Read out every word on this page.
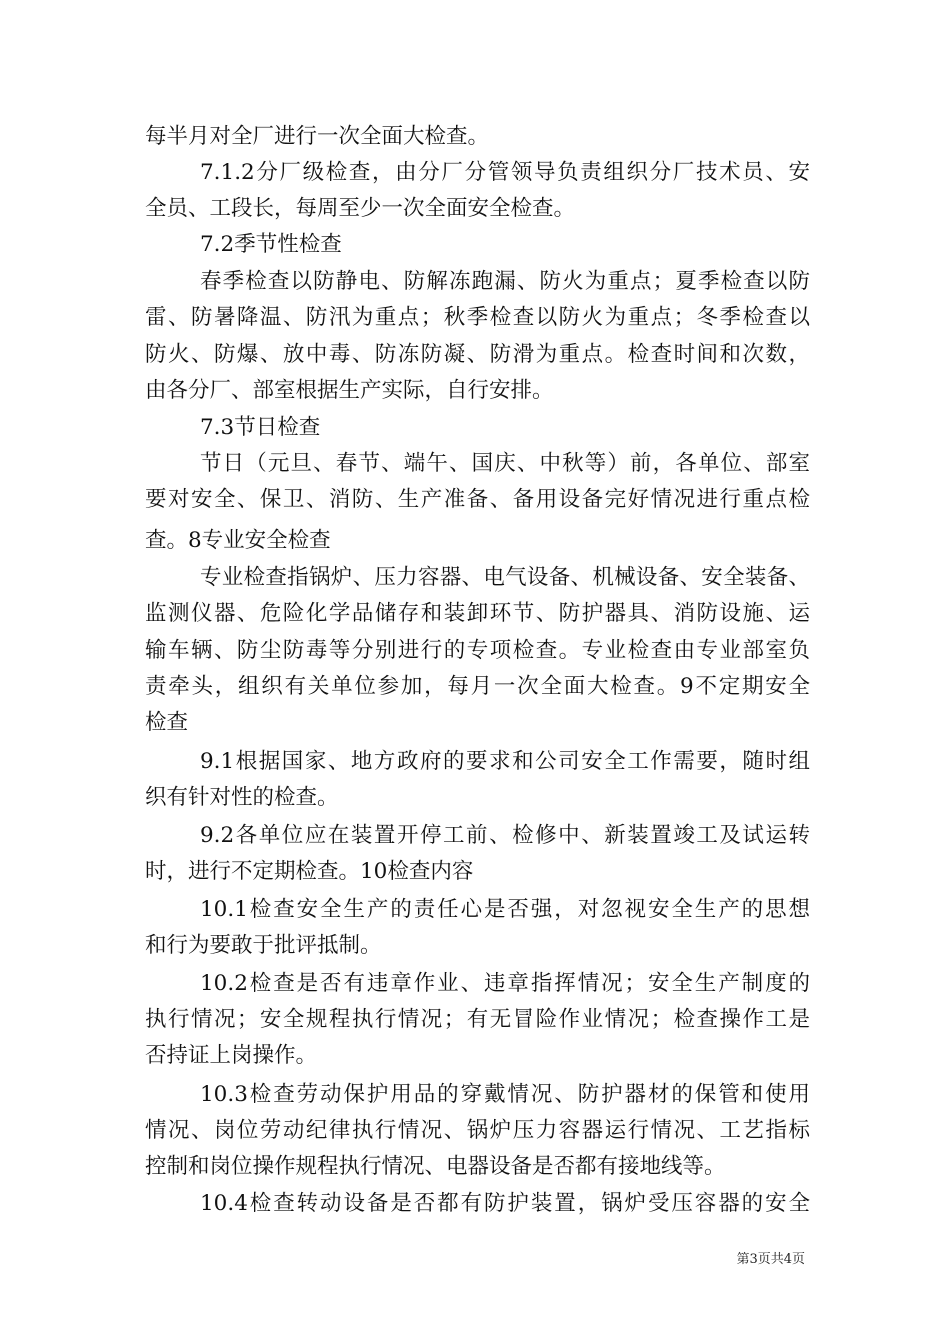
每半月对全厂进行一次全面大检查。
7.1.2分厂级检查，由分厂分管领导负责组织分厂技术员、安
全员、工段长，每周至少一次全面安全检查。
7.2季节性检查
春季检查以防静电、防解冻跑漏、防火为重点；夏季检查以防
雷、防暑降温、防汛为重点；秋季检查以防火为重点；冬季检查以
防火、防爆、放中毒、防冻防凝、防滑为重点。检查时间和次数，
由各分厂、部室根据生产实际，自行安排。
7.3节日检查
节日（元旦、春节、端午、国庆、中秋等）前，各单位、部室
要对安全、保卫、消防、生产准备、备用设备完好情况进行重点检
查。8专业安全检查
专业检查指锅炉、压力容器、电气设备、机械设备、安全装备、
监测仪器、危险化学品储存和装卸环节、防护器具、消防设施、运
输车辆、防尘防毒等分别进行的专项检查。专业检查由专业部室负
责牵头，组织有关单位参加，每月一次全面大检查。9不定期安全
检查
9.1根据国家、地方政府的要求和公司安全工作需要，随时组
织有针对性的检查。
9.2各单位应在装置开停工前、检修中、新装置竣工及试运转
时，进行不定期检查。10检查内容
10.1检查安全生产的责任心是否强，对忽视安全生产的思想
和行为要敢于批评抵制。
10.2检查是否有违章作业、违章指挥情况；安全生产制度的
执行情况；安全规程执行情况；有无冒险作业情况；检查操作工是
否持证上岗操作。
10.3检查劳动保护用品的穿戴情况、防护器材的保管和使用
情况、岗位劳动纪律执行情况、锅炉压力容器运行情况、工艺指标
控制和岗位操作规程执行情况、电器设备是否都有接地线等。
10.4检查转动设备是否都有防护装置，锅炉受压容器的安全
第3页共4页
